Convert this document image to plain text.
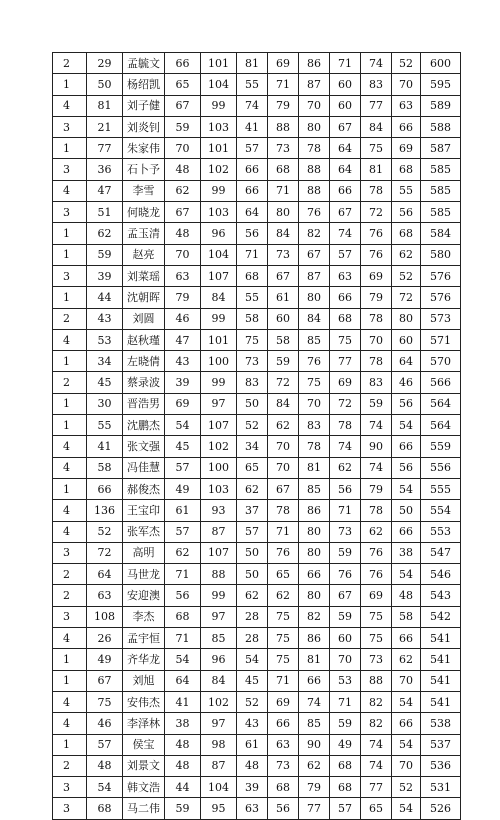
2	29	孟毓文	66	101	81	69	86	71	74	52	600
1	50	杨绍凯	65	104	55	71	87	60	83	70	595
4	81	刘子健	67	99	74	79	70	60	77	63	589
3	21	刘炎钊	59	103	41	88	80	67	84	66	588
1	77	朱家伟	70	101	57	73	78	64	75	69	587
3	36	石卜予	48	102	66	68	88	64	81	68	585
4	47	李雪	62	99	66	71	88	66	78	55	585
3	51	何晓龙	67	103	64	80	76	67	72	56	585
1	62	孟玉清	48	96	56	84	82	74	76	68	584
1	59	赵亮	70	104	71	73	67	57	76	62	580
3	39	刘菜瑶	63	107	68	67	87	63	69	52	576
1	44	沈朝晖	79	84	55	61	80	66	79	72	576
2	43	刘圆	46	99	58	60	84	68	78	80	573
4	53	赵秋瑾	47	101	75	58	85	75	70	60	571
1	34	左晓倩	43	100	73	59	76	77	78	64	570
2	45	蔡录波	39	99	83	72	75	69	83	46	566
1	30	晋浩男	69	97	50	84	70	72	59	56	564
1	55	沈鹏杰	54	107	52	62	83	78	74	54	564
4	41	张文强	45	102	34	70	78	74	90	66	559
4	58	冯佳慧	57	100	65	70	81	62	74	56	556
1	66	郝俊杰	49	103	62	67	85	56	79	54	555
4	136	王宝印	61	93	37	78	86	71	78	50	554
4	52	张军杰	57	87	57	71	80	73	62	66	553
3	72	高明	62	107	50	76	80	59	76	38	547
2	64	马世龙	71	88	50	65	66	76	76	54	546
2	63	安迎澳	56	99	62	62	80	67	69	48	543
3	108	李杰	68	97	28	75	82	59	75	58	542
4	26	孟宇恒	71	85	28	75	86	60	75	66	541
1	49	齐华龙	54	96	54	75	81	70	73	62	541
1	67	刘旭	64	84	45	71	66	53	88	70	541
4	75	安伟杰	41	102	52	69	74	71	82	54	541
4	46	李泽林	38	97	43	66	85	59	82	66	538
1	57	侯宝	48	98	61	63	90	49	74	54	537
2	48	刘景文	48	87	48	73	62	68	74	70	536
3	54	韩文浩	44	104	39	68	79	68	77	52	531
3	68	马二伟	59	95	63	56	77	57	65	54	526
